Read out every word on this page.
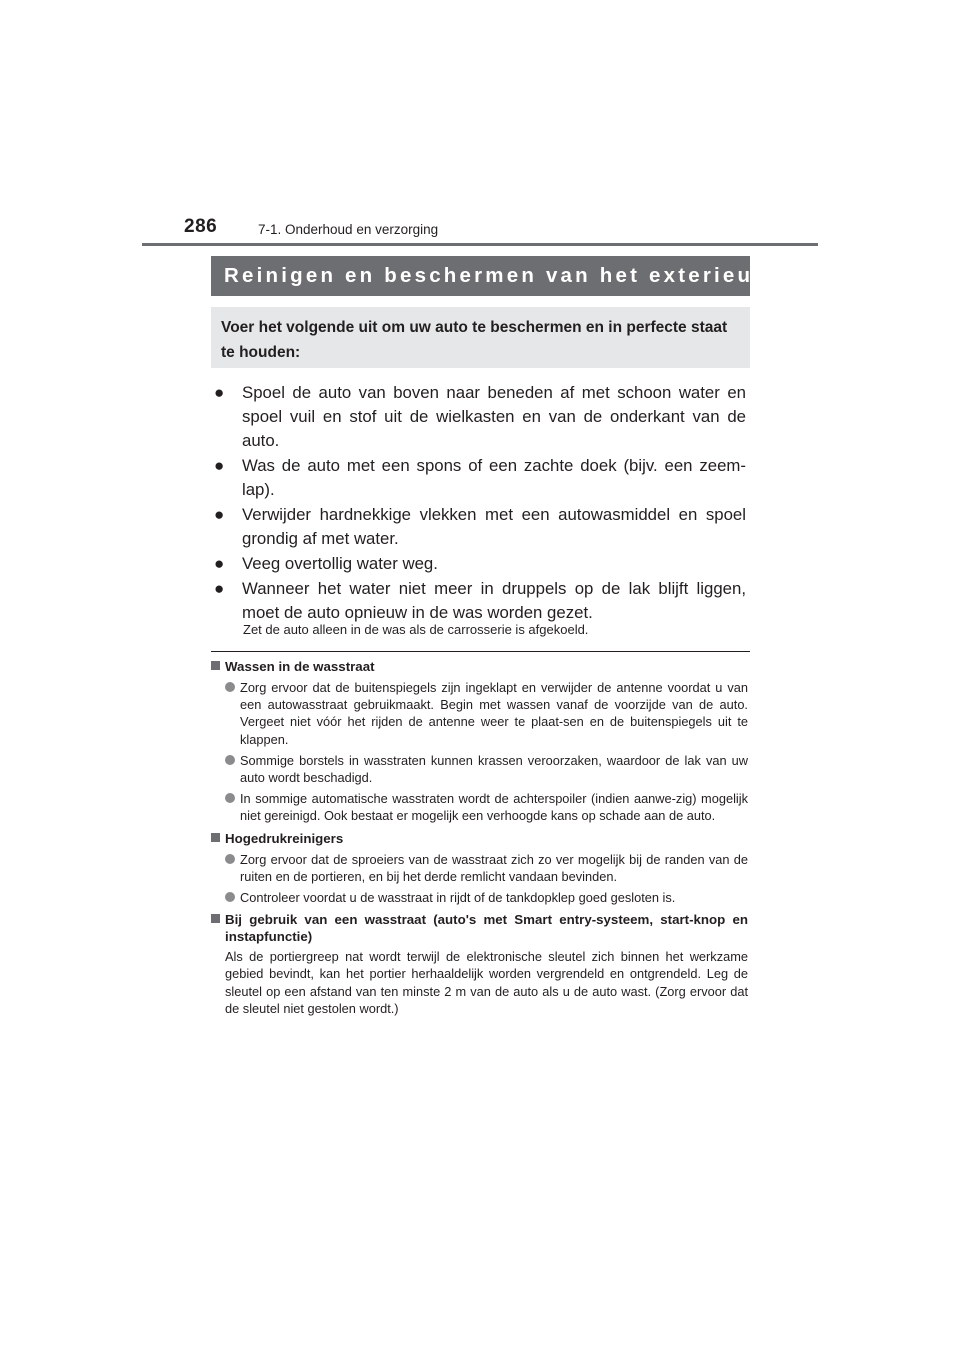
286	7-1. Onderhoud en verzorging
Reinigen en beschermen van het exterieur
Voer het volgende uit om uw auto te beschermen en in perfecte staat te houden:
● Spoel de auto van boven naar beneden af met schoon water en spoel vuil en stof uit de wielkasten en van de onderkant van de auto.
● Was de auto met een spons of een zachte doek (bijv. een zeem-lap).
● Verwijder hardnekkige vlekken met een autowasmiddel en spoel grondig af met water.
● Veeg overtollig water weg.
● Wanneer het water niet meer in druppels op de lak blijft liggen, moet de auto opnieuw in de was worden gezet.
Zet de auto alleen in de was als de carrosserie is afgekoeld.
Wassen in de wasstraat
Zorg ervoor dat de buitenspiegels zijn ingeklapt en verwijder de antenne voordat u van een autowasstraat gebruikmaakt. Begin met wassen vanaf de voorzijde van de auto. Vergeet niet vóór het rijden de antenne weer te plaat-sen en de buitenspiegels uit te klappen.
Sommige borstels in wasstraten kunnen krassen veroorzaken, waardoor de lak van uw auto wordt beschadigd.
In sommige automatische wasstraten wordt de achterspoiler (indien aanwe-zig) mogelijk niet gereinigd. Ook bestaat er mogelijk een verhoogde kans op schade aan de auto.
Hogedrukreinigers
Zorg ervoor dat de sproeiers van de wasstraat zich zo ver mogelijk bij de randen van de ruiten en de portieren, en bij het derde remlicht vandaan bevinden.
Controleer voordat u de wasstraat in rijdt of de tankdopklep goed gesloten is.
Bij gebruik van een wasstraat (auto's met Smart entry-systeem, start-knop en instapfunctie)
Als de portiergreep nat wordt terwijl de elektronische sleutel zich binnen het werkzame gebied bevindt, kan het portier herhaaldelijk worden vergrendeld en ontgrendeld. Leg de sleutel op een afstand van ten minste 2 m van de auto als u de auto wast. (Zorg ervoor dat de sleutel niet gestolen wordt.)
